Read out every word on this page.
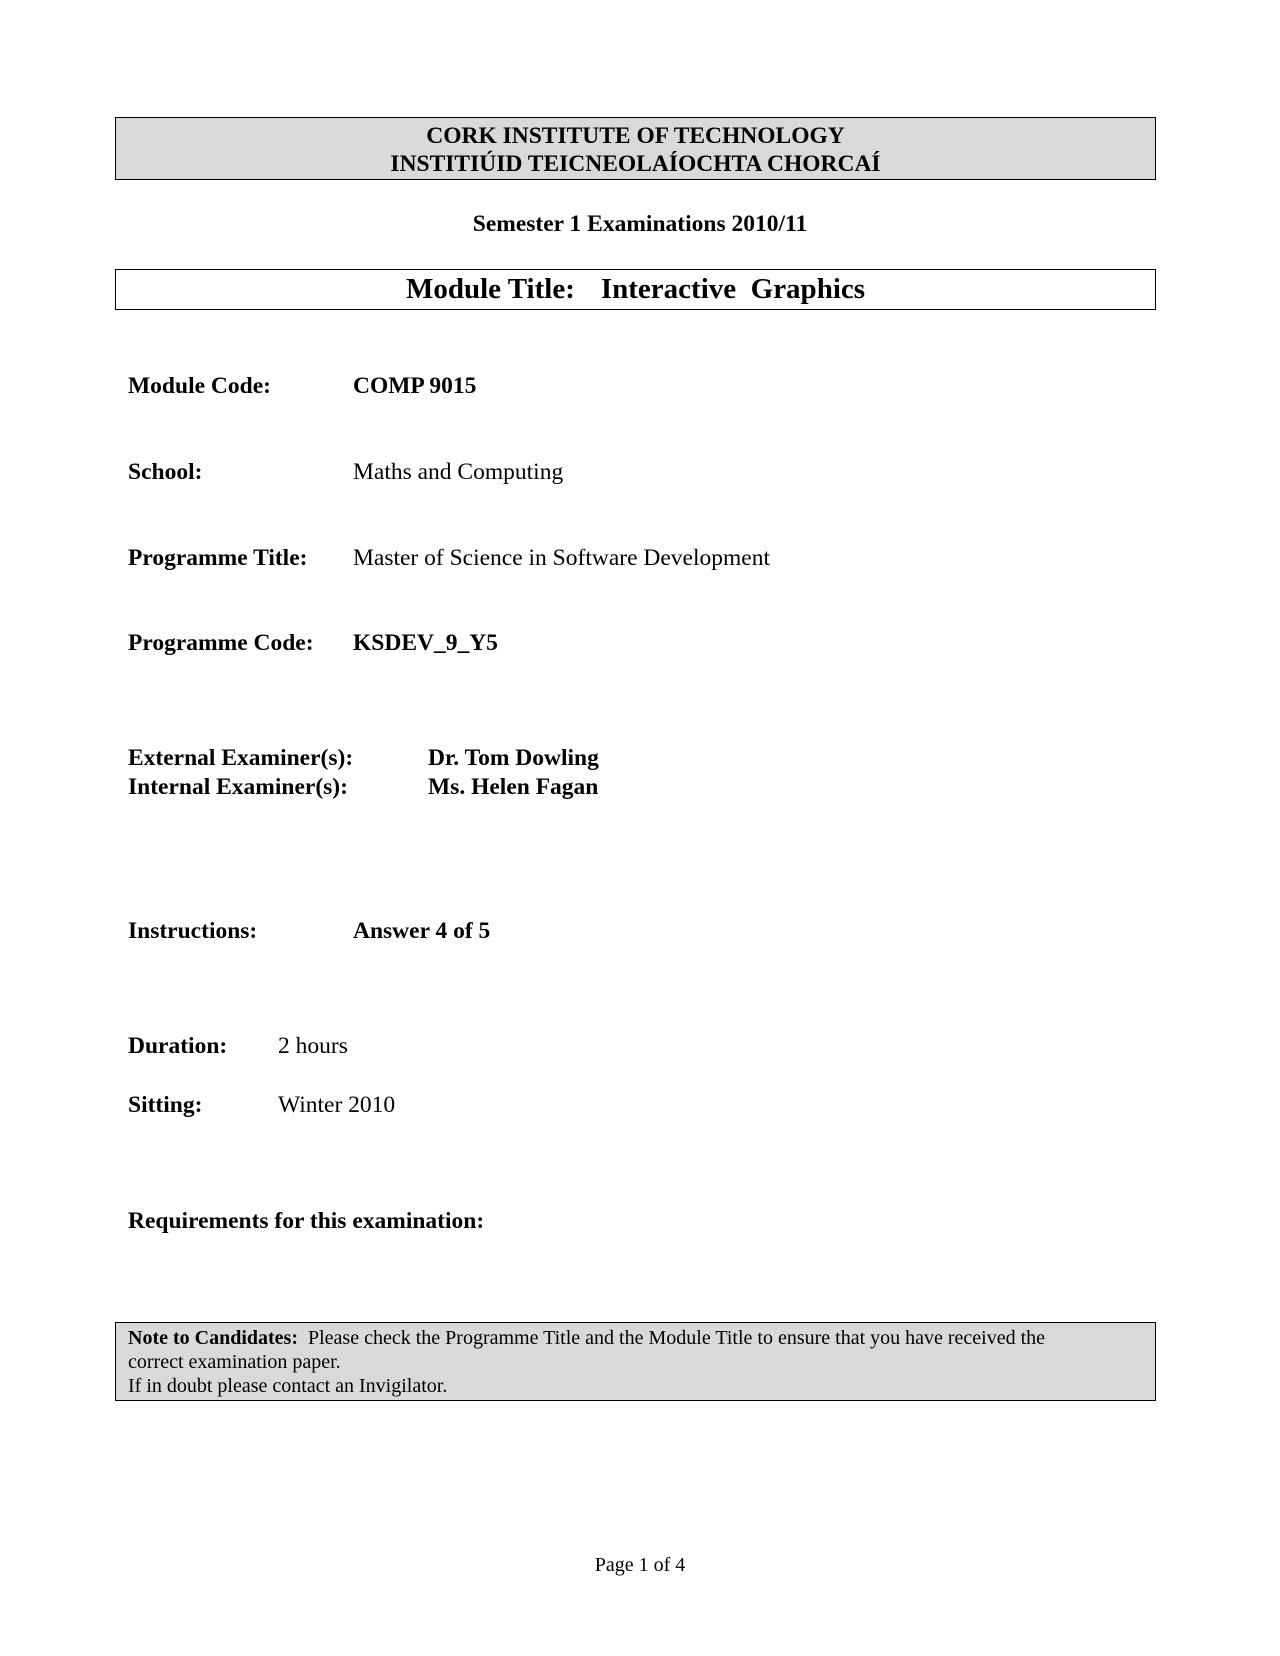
CORK INSTITUTE OF TECHNOLOGY
INSTITIÚID TEICNEOLAÍOCHTA CHORCAÍ
Semester 1 Examinations 2010/11
Module Title: Interactive  Graphics
Module Code:	COMP 9015
School:	Maths and Computing
Programme Title: Master of Science in Software Development
Programme Code: KSDEV_9_Y5
External Examiner(s):	Dr. Tom Dowling
Internal Examiner(s):	Ms. Helen Fagan
Instructions:	Answer 4 of 5
Duration: 2 hours
Sitting:	Winter 2010
Requirements for this examination:
Note to Candidates: Please check the Programme Title and the Module Title to ensure that you have received the
correct examination paper.
If in doubt please contact an Invigilator.
Page 1 of 4
